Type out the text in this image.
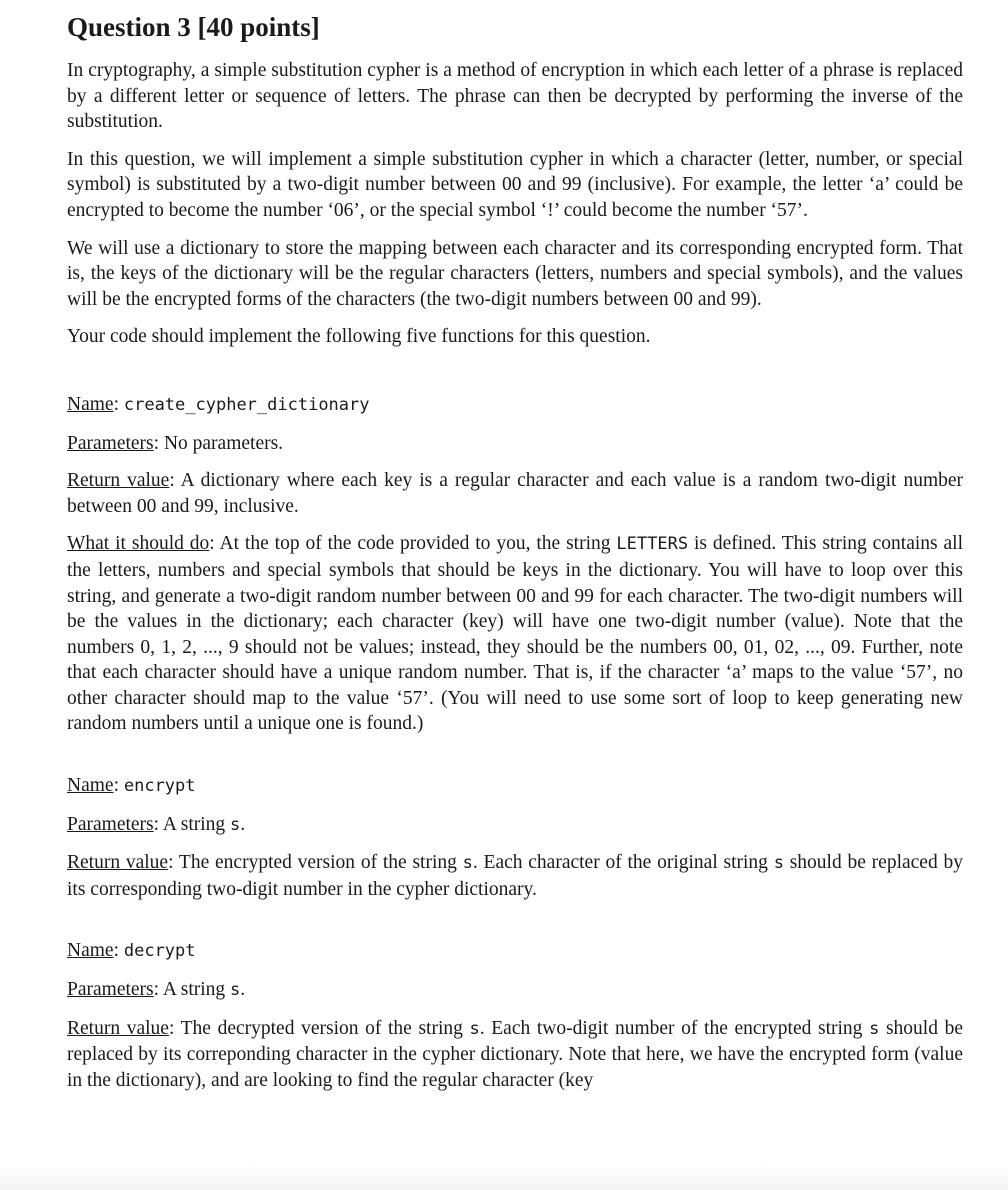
Question 3 [40 points]

In cryptography, a simple substitution cypher is a method of encryption in which each letter of a phrase is replaced by a different letter or sequence of letters. The phrase can then be decrypted by performing the inverse of the substitution.

In this question, we will implement a simple substitution cypher in which a character (letter, number, or special symbol) is substituted by a two-digit number between 00 and 99 (inclusive). For example, the letter ‘a’ could be encrypted to become the number ‘06’, or the special symbol ‘!’ could become the number ‘57’.

We will use a dictionary to store the mapping between each character and its corresponding encrypted form. That is, the keys of the dictionary will be the regular characters (letters, numbers and special symbols), and the values will be the encrypted forms of the characters (the two-digit numbers between 00 and 99).

Your code should implement the following five functions for this question.

Name: create_cypher_dictionary

Parameters: No parameters.

Return value: A dictionary where each key is a regular character and each value is a random two-digit number between 00 and 99, inclusive.

What it should do: At the top of the code provided to you, the string LETTERS is defined. This string contains all the letters, numbers and special symbols that should be keys in the dictionary. You will have to loop over this string, and generate a two-digit random number between 00 and 99 for each character. The two-digit numbers will be the values in the dictionary; each character (key) will have one two-digit number (value). Note that the numbers 0, 1, 2, ..., 9 should not be values; instead, they should be the numbers 00, 01, 02, ..., 09. Further, note that each character should have a unique random number. That is, if the character ‘a’ maps to the value ‘57’, no other character should map to the value ‘57’. (You will need to use some sort of loop to keep generating new random numbers until a unique one is found.)

Name: encrypt

Parameters: A string s.

Return value: The encrypted version of the string s. Each character of the original string s should be replaced by its corresponding two-digit number in the cypher dictionary.

Name: decrypt

Parameters: A string s.

Return value: The decrypted version of the string s. Each two-digit number of the encrypted string s should be replaced by its correponding character in the cypher dictionary. Note that here, we have the encrypted form (value in the dictionary), and are looking to find the regular character (key
